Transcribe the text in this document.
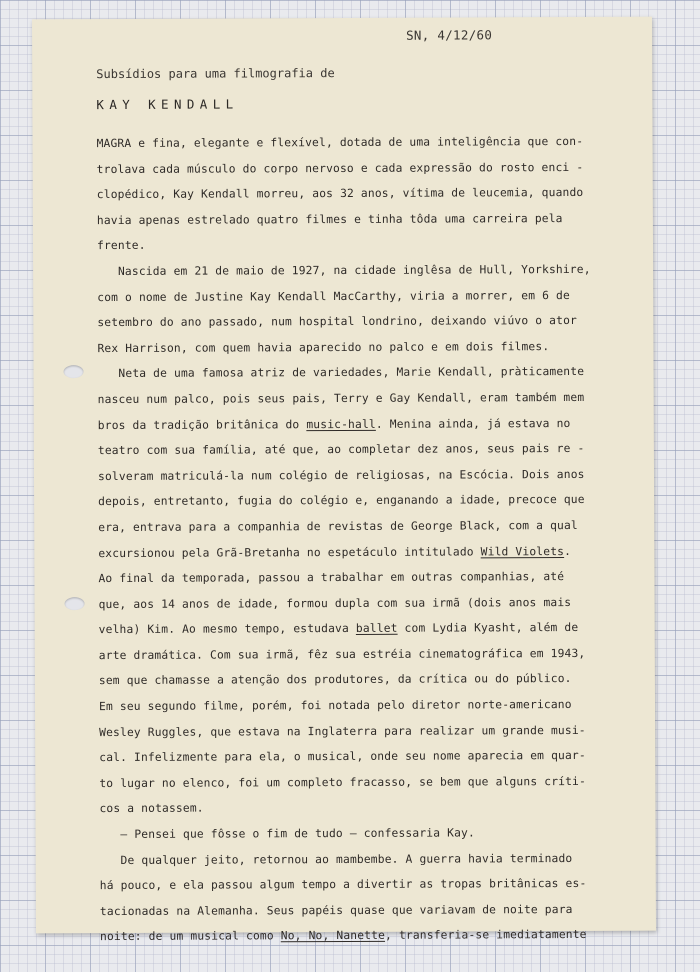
SN, 4/12/60
Subsídios para uma filmografia de
KAY KENDALL
MAGRA e fina, elegante e flexível, dotada de uma inteligência que con-
trolava cada músculo do corpo nervoso e cada expressão do rosto enci -
clopédico, Kay Kendall morreu, aos 32 anos, vítima de leucemia, quando
havia apenas estrelado quatro filmes e tinha tôda uma carreira pela
frente.
Nascida em 21 de maio de 1927, na cidade inglêsa de Hull, Yorkshire,
com o nome de Justine Kay Kendall MacCarthy, viria a morrer, em 6 de
setembro do ano passado, num hospital londrino, deixando viúvo o ator
Rex Harrison, com quem havia aparecido no palco e em dois filmes.
Neta de uma famosa atriz de variedades, Marie Kendall, pràticamente
nasceu num palco, pois seus pais, Terry e Gay Kendall, eram também mem
bros da tradição britânica do music-hall. Menina ainda, já estava no
teatro com sua família, até que, ao completar dez anos, seus pais re -
solveram matriculá-la num colégio de religiosas, na Escócia. Dois anos
depois, entretanto, fugia do colégio e, enganando a idade, precoce que
era, entrava para a companhia de revistas de George Black, com a qual
excursionou pela Grã-Bretanha no espetáculo intitulado Wild Violets.
Ao final da temporada, passou a trabalhar em outras companhias, até
que, aos 14 anos de idade, formou dupla com sua irmã (dois anos mais
velha) Kim. Ao mesmo tempo, estudava ballet com Lydia Kyasht, além de
arte dramática. Com sua irmã, fêz sua estréia cinematográfica em 1943,
sem que chamasse a atenção dos produtores, da crítica ou do público.
Em seu segundo filme, porém, foi notada pelo diretor norte-americano
Wesley Ruggles, que estava na Inglaterra para realizar um grande musi-
cal. Infelizmente para ela, o musical, onde seu nome aparecia em quar-
to lugar no elenco, foi um completo fracasso, se bem que alguns críti-
cos a notassem.
— Pensei que fôsse o fim de tudo — confessaria Kay.
De qualquer jeito, retornou ao mambembe. A guerra havia terminado
há pouco, e ela passou algum tempo a divertir as tropas britânicas es-
tacionadas na Alemanha. Seus papéis quase que variavam de noite para
noite: de um musical como No, No, Nanette, transferia-se imediatamente
